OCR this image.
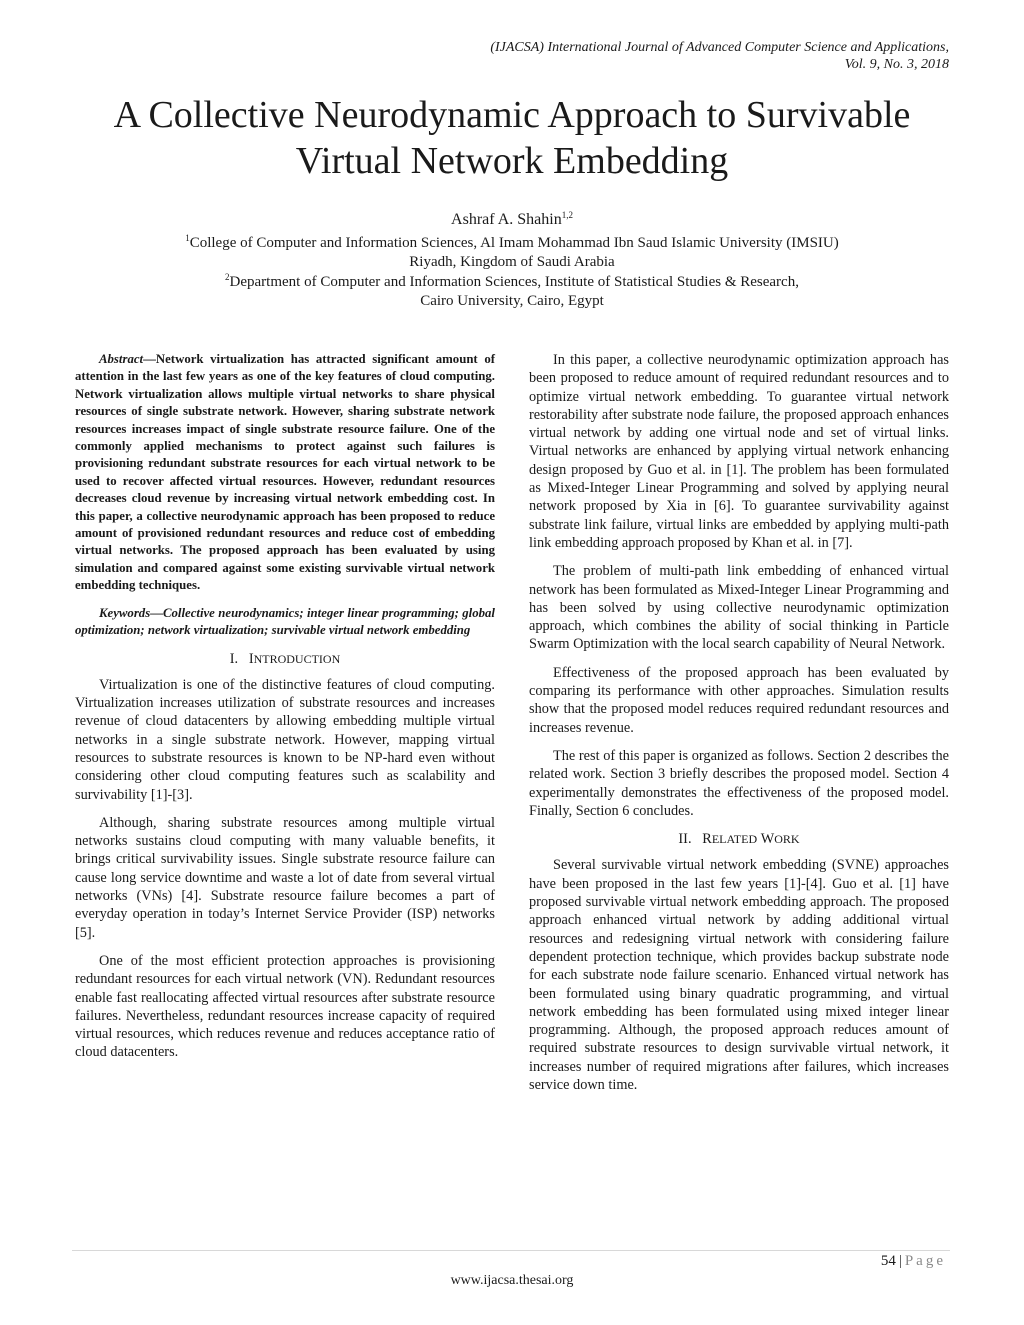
(IJACSA) International Journal of Advanced Computer Science and Applications,
Vol. 9, No. 3, 2018
A Collective Neurodynamic Approach to Survivable
Virtual Network Embedding
Ashraf A. Shahin$^{1,2}$
$^1$College of Computer and Information Sciences, Al Imam Mohammad Ibn Saud Islamic University (IMSIU)
Riyadh, Kingdom of Saudi Arabia
$^2$Department of Computer and Information Sciences, Institute of Statistical Studies & Research,
Cairo University, Cairo, Egypt

Abstract—Network virtualization has attracted significant amount of attention in the last few years as one of the key features of cloud computing. Network virtualization allows multiple virtual networks to share physical resources of single substrate network. However, sharing substrate network resources increases impact of single substrate resource failure. One of the commonly applied mechanisms to protect against such failures is provisioning redundant substrate resources for each virtual network to be used to recover affected virtual resources. However, redundant resources decreases cloud revenue by increasing virtual network embedding cost. In this paper, a collective neurodynamic approach has been proposed to reduce amount of provisioned redundant resources and reduce cost of embedding virtual networks. The proposed approach has been evaluated by using simulation and compared against some existing survivable virtual network embedding techniques.

Keywords—Collective neurodynamics; integer linear programming; global optimization; network virtualization; survivable virtual network embedding

I. INTRODUCTION

Virtualization is one of the distinctive features of cloud computing. Virtualization increases utilization of substrate resources and increases revenue of cloud datacenters by allowing embedding multiple virtual networks in a single substrate network. However, mapping virtual resources to substrate resources is known to be NP-hard even without considering other cloud computing features such as scalability and survivability [1]-[3].

Although, sharing substrate resources among multiple virtual networks sustains cloud computing with many valuable benefits, it brings critical survivability issues. Single substrate resource failure can cause long service downtime and waste a lot of date from several virtual networks (VNs) [4]. Substrate resource failure becomes a part of everyday operation in today’s Internet Service Provider (ISP) networks [5].

One of the most efficient protection approaches is provisioning redundant resources for each virtual network (VN). Redundant resources enable fast reallocating affected virtual resources after substrate resource failures. Nevertheless, redundant resources increase capacity of required virtual resources, which reduces revenue and reduces acceptance ratio of cloud datacenters.

In this paper, a collective neurodynamic optimization approach has been proposed to reduce amount of required redundant resources and to optimize virtual network embedding. To guarantee virtual network restorability after substrate node failure, the proposed approach enhances virtual network by adding one virtual node and set of virtual links. Virtual networks are enhanced by applying virtual network enhancing design proposed by Guo et al. in [1]. The problem has been formulated as Mixed-Integer Linear Programming and solved by applying neural network proposed by Xia in [6]. To guarantee survivability against substrate link failure, virtual links are embedded by applying multi-path link embedding approach proposed by Khan et al. in [7].

The problem of multi-path link embedding of enhanced virtual network has been formulated as Mixed-Integer Linear Programming and has been solved by using collective neurodynamic optimization approach, which combines the ability of social thinking in Particle Swarm Optimization with the local search capability of Neural Network.

Effectiveness of the proposed approach has been evaluated by comparing its performance with other approaches. Simulation results show that the proposed model reduces required redundant resources and increases revenue.

The rest of this paper is organized as follows. Section 2 describes the related work. Section 3 briefly describes the proposed model. Section 4 experimentally demonstrates the effectiveness of the proposed model. Finally, Section 6 concludes.

II. RELATED WORK

Several survivable virtual network embedding (SVNE) approaches have been proposed in the last few years [1]-[4]. Guo et al. [1] have proposed survivable virtual network embedding approach. The proposed approach enhanced virtual network by adding additional virtual resources and redesigning virtual network with considering failure dependent protection technique, which provides backup substrate node for each substrate node failure scenario. Enhanced virtual network has been formulated using binary quadratic programming, and virtual network embedding has been formulated using mixed integer linear programming. Although, the proposed approach reduces amount of required substrate resources to design survivable virtual network, it increases number of required migrations after failures, which increases service down time.

54 | Page
www.ijacsa.thesai.org
